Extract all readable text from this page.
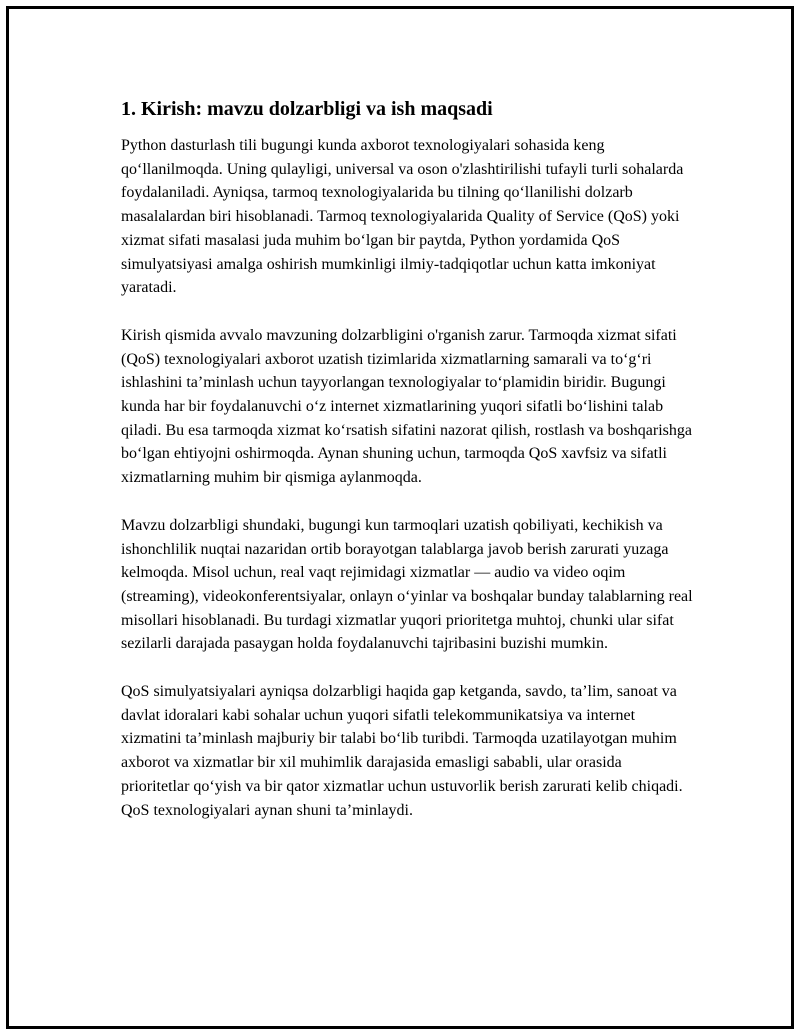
1. Kirish: mavzu dolzarbligi va ish maqsadi

Python dasturlash tili bugungi kunda axborot texnologiyalari sohasida keng qo‘llanilmoqda. Uning qulayligi, universal va oson o'zlashtirilishi tufayli turli sohalarda foydalaniladi. Ayniqsa, tarmoq texnologiyalarida bu tilning qo‘llanilishi dolzarb masalalardan biri hisoblanadi. Tarmoq texnologiyalarida Quality of Service (QoS) yoki xizmat sifati masalasi juda muhim bo‘lgan bir paytda, Python yordamida QoS simulyatsiyasi amalga oshirish mumkinligi ilmiy-tadqiqotlar uchun katta imkoniyat yaratadi.

Kirish qismida avvalo mavzuning dolzarbligini o'rganish zarur. Tarmoqda xizmat sifati (QoS) texnologiyalari axborot uzatish tizimlarida xizmatlarning samarali va to‘g‘ri ishlashini ta’minlash uchun tayyorlangan texnologiyalar to‘plamidin biridir. Bugungi kunda har bir foydalanuvchi o‘z internet xizmatlarining yuqori sifatli bo‘lishini talab qiladi. Bu esa tarmoqda xizmat ko‘rsatish sifatini nazorat qilish, rostlash va boshqarishga bo‘lgan ehtiyojni oshirmoqda. Aynan shuning uchun, tarmoqda QoS xavfsiz va sifatli xizmatlarning muhim bir qismiga aylanmoqda.

Mavzu dolzarbligi shundaki, bugungi kun tarmoqlari uzatish qobiliyati, kechikish va ishonchlilik nuqtai nazaridan ortib borayotgan talablarga javob berish zarurati yuzaga kelmoqda. Misol uchun, real vaqt rejimidagi xizmatlar — audio va video oqim (streaming), videokonferentsiyalar, onlayn o‘yinlar va boshqalar bunday talablarning real misollari hisoblanadi. Bu turdagi xizmatlar yuqori prioritetga muhtoj, chunki ular sifat sezilarli darajada pasaygan holda foydalanuvchi tajribasini buzishi mumkin.

QoS simulyatsiyalari ayniqsa dolzarbligi haqida gap ketganda, savdo, ta’lim, sanoat va davlat idoralari kabi sohalar uchun yuqori sifatli telekommunikatsiya va internet xizmatini ta’minlash majburiy bir talabi bo‘lib turibdi. Tarmoqda uzatilayotgan muhim axborot va xizmatlar bir xil muhimlik darajasida emasligi sababli, ular orasida prioritetlar qo‘yish va bir qator xizmatlar uchun ustuvorlik berish zarurati kelib chiqadi. QoS texnologiyalari aynan shuni ta’minlaydi.
